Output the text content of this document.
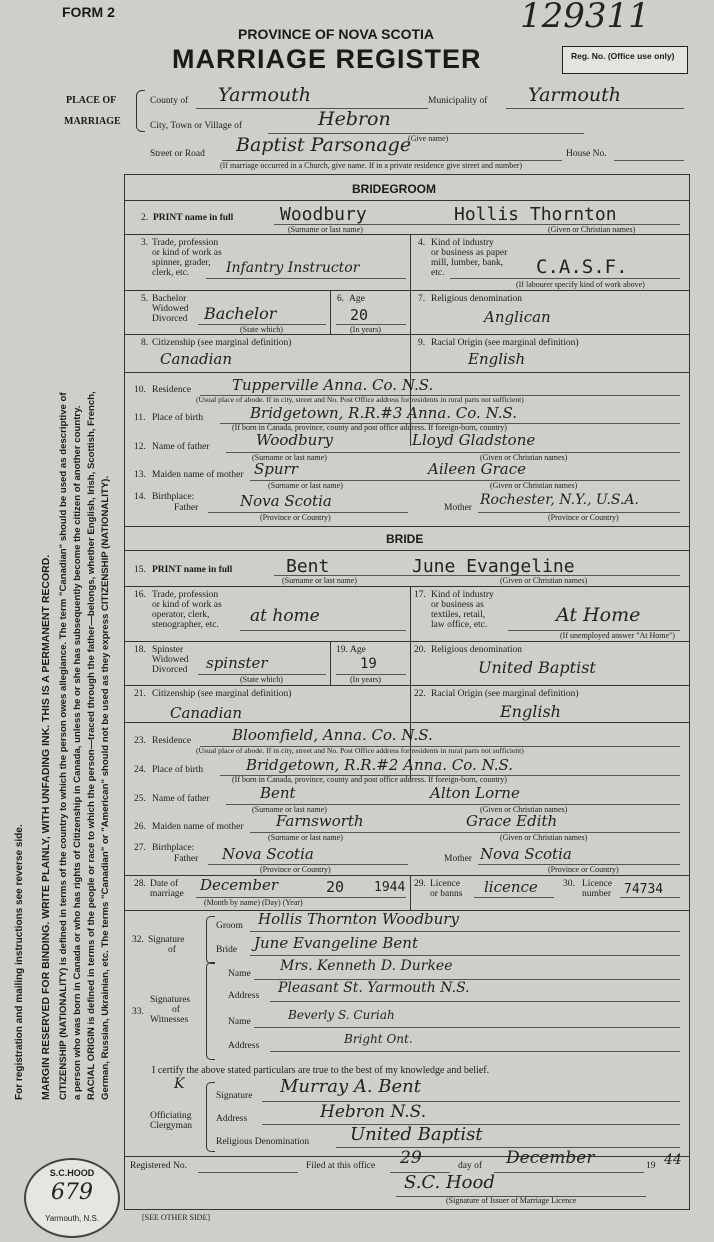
For registration and mailing instructions see reverse side. MARGIN RESERVED FOR BINDING. WRITE PLAINLY, WITH UNFADING INK. THIS IS A PERMANENT RECORD. CITIZENSHIP (NATIONALITY) is defined in terms of the country to which the person owes allegiance. The term "Canadian" should be used as descriptive of a person who was born in Canada or who has rights of Citizenship in Canada, unless he or she has subsequently become the citizen of another country. RACIAL ORIGIN is defined in terms of the people or race to which the person—traced through the father—belongs, whether English, Irish, Scottish, French, German, Russian, Ukrainian, etc. The terms "Canadian" or "American" should not be used as they express CITIZENSHIP (NATIONALITY).
FORM 2	129311
PROVINCE OF NOVA SCOTIA
MARRIAGE REGISTER	Reg. No. (Office use only)
PLACE OF
MARRIAGE
County of Yarmouth	Municipality of Yarmouth
City, Town or Village of	Hebron
(Give name)
Street or Road Baptist Parsonage	House No.
(If marriage occurred in a Church, give name. If in a private residence give street and number)
BRIDEGROOM
2. PRINT name in full	Woodbury	Hollis Thornton
(Surname or last name)	(Given or Christian names)
3. Trade, profession
or kind of work as
spinner, grader,
clerk, etc.	Infantry Instructor
4. Kind of industry
or business as paper
mill, lumber, bank,
etc.	C.A.S.F.
(If labourer specify kind of work above)
5. Bachelor
Widowed
Divorced Bachelor
(State which)
6. Age
20
(In years)
7. Religious denomination
Anglican
8. Citizenship (see marginal definition)
Canadian
9. Racial Origin (see marginal definition)
English
10. Residence	Tupperville Anna. Co. N.S.
(Usual place of abode. If in city, street and No. Post Office address for residents in rural parts not sufficient)
11. Place of birth	Bridgetown, R.R.#3 Anna. Co. N.S.
(If born in Canada, province, county and post office address. If foreign-born, country)
12. Name of father	Woodbury	Lloyd Gladstone
(Surname or last name)	(Given or Christian names)
13. Maiden name of mother Spurr	Aileen Grace
(Surname or last name)	(Given or Christian names)
14. Birthplace:
Father	Nova Scotia	Mother Rochester, N.Y., U.S.A.
(Province or Country)	(Province or Country)
BRIDE
15. PRINT name in full	Bent	June Evangeline
(Surname or last name)	(Given or Christian names)
16. Trade, profession
or kind of work as
operator, clerk,
stenographer, etc. at home
17. Kind of industry
or business as
textiles, retail,
law office, etc.	At Home
(If unemployed answer "At Home")
18. Spinster
Widowed
Divorced spinster
(State which)
19. Age
19
(In years)
20. Religious denomination
United Baptist
21. Citizenship (see marginal definition)
Canadian
22. Racial Origin (see marginal definition)
English
23. Residence	Bloomfield, Anna. Co. N.S.
(Usual place of abode. If in city, street and No. Post Office address for residents in rural parts not sufficient)
24. Place of birth	Bridgetown, R.R.#2 Anna. Co. N.S.
(If born in Canada, province, county and post office address. If foreign-born, country)
25. Name of father	Bent	Alton Lorne
(Surname or last name)	(Given or Christian names)
26. Maiden name of mother Farnsworth	Grace Edith
(Surname or last name)	(Given or Christian names)
27. Birthplace:
Father Nova Scotia	Mother Nova Scotia
(Province or Country)	(Province or Country)
28. Date of
marriage December	20 1944
(Month by name) (Day) (Year)
29. Licence
or banns licence	30. Licence
number 74734
32. Signature
of
Groom Hollis Thornton Woodbury
Bride June Evangeline Bent
33.
Signatures
of
Witnesses
Name Mrs. Kenneth D. Durkee
Address Pleasant St. Yarmouth N.S.
Name	Beverly S. Curiah
Address	Bright Ont.
I certify the above stated particulars are true to the best of my knowledge and belief.
K
Officiating
Clergyman
Signature Murray A. Bent
Address	Hebron N.S.
Religious Denomination United Baptist
Registered No.	Filed at this office 29	day of December	19 44
S.C. Hood
(Signature of Issuer of Marriage Licence
[SEE OTHER SIDE]
S.C.HOOD
679
Yarmouth, N.S.
